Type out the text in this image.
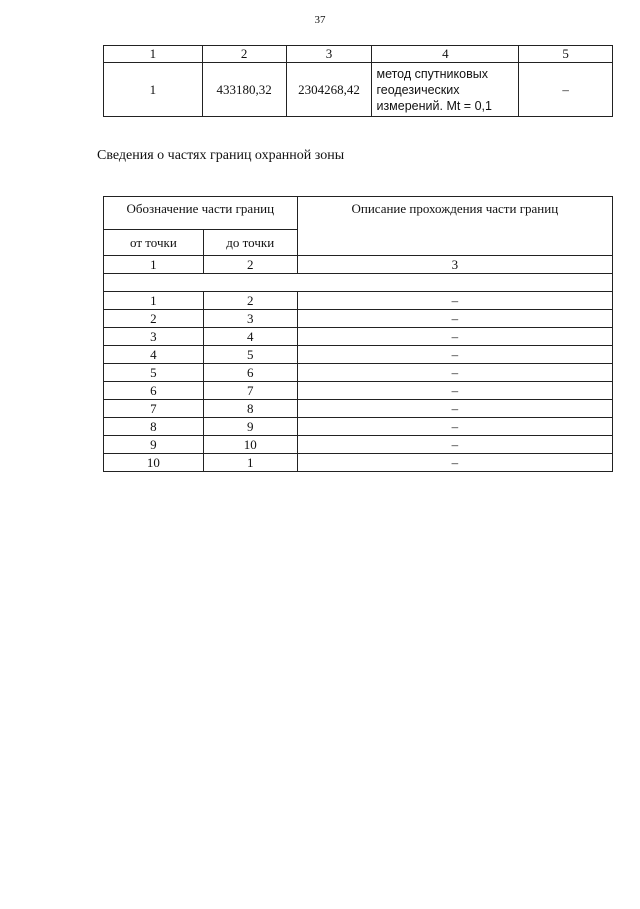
37
1	2	3	4	5
1	433180,32	2304268,42	метод спутниковых
геодезических
измерений. Mt = 0,1	–
Сведения о частях границ охранной зоны
Обозначение части границ		Описание прохождения части границ
от точки	до точки	
1	2	3

1	2	–
2	3	–
3	4	–
4	5	–
5	6	–
6	7	–
7	8	–
8	9	–
9	10	–
10	1	–
